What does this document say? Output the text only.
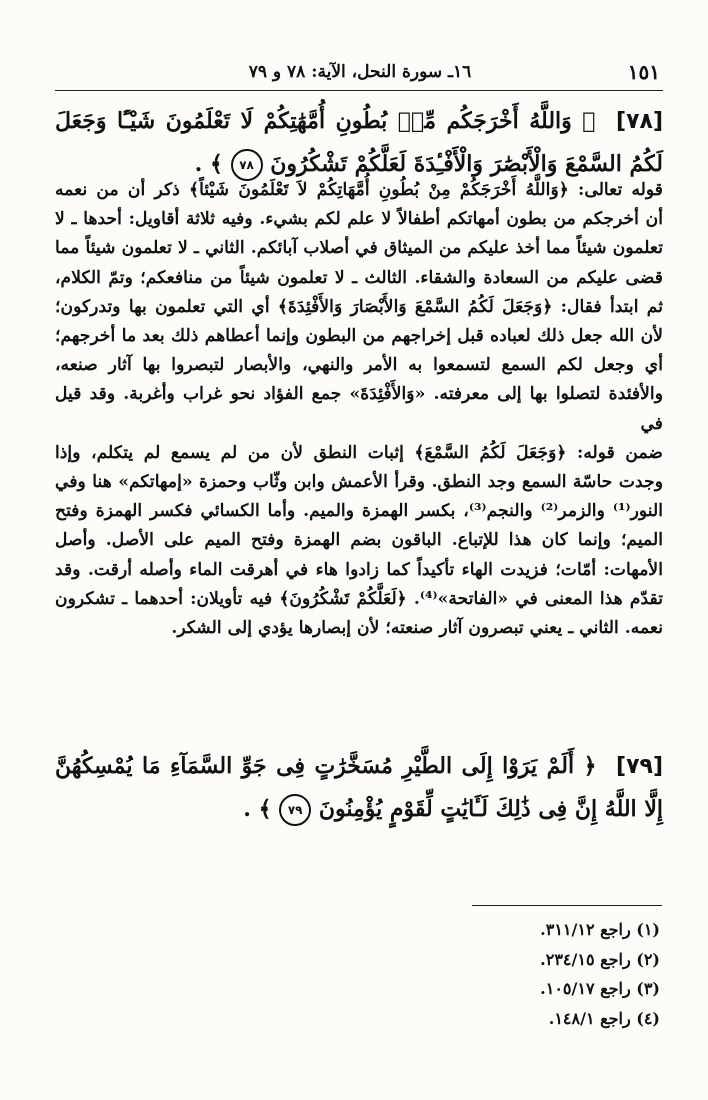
١٥١
١٦ـ سورة النحل، الآية: ٧٨ و ٧٩
[٧٨] ﴿ وَاللَّهُ أَخْرَجَكُم مِّنۢ بُطُونِ أُمَّهَٰتِكُمْ لَا تَعْلَمُونَ شَيْـًٔا وَجَعَلَ لَكُمُ السَّمْعَ وَالْأَبْصَٰرَ وَالْأَفْـِٔدَةَ لَعَلَّكُمْ تَشْكُرُونَ ٧٨ ﴾ .

قوله تعالى: ﴿وَاللَّهُ أَخْرَجَكُمْ مِنْ بُطُونِ أُمَّهَاتِكُمْ لاَ تَعْلَمُونَ شَيْئاً﴾ ذكر أن من نعمه

أن أخرجكم من بطون أمهاتكم أطفالاً لا علم لكم بشيء. وفيه ثلاثة أقاويل: أحدها ـ لا

تعلمون شيئاً مما أخذ عليكم من الميثاق في أصلاب آبائكم. الثاني ـ لا تعلمون شيئاً مما

قضى عليكم من السعادة والشقاء. الثالث ـ لا تعلمون شيئاً من منافعكم؛ وتمّ الكلام،

ثم ابتدأ فقال: ﴿وَجَعَلَ لَكُمُ السَّمْعَ وَالأَبْصَارَ وَالأَفْئِدَةَ﴾ أي التي تعلمون بها وتدركون؛

لأن الله جعل ذلك لعباده قبل إخراجهم من البطون وإنما أعطاهم ذلك بعد ما أخرجهم؛

أي وجعل لكم السمع لتسمعوا به الأمر والنهي، والأبصار لتبصروا بها آثار صنعه،

والأفئدة لتصلوا بها إلى معرفته. «وَالأَفْئِدَةَ» جمع الفؤاد نحو غراب وأغربة. وقد قيل في

ضمن قوله: ﴿وَجَعَلَ لَكُمُ السَّمْعَ﴾ إثبات النطق لأن من لم يسمع لم يتكلم، وإذا

وجدت حاسّة السمع وجد النطق. وقرأ الأعمش وابن وثّاب وحمزة «إمهاتكم» هنا وفي

النور⁽¹⁾ والزمر⁽²⁾ والنجم⁽³⁾، بكسر الهمزة والميم. وأما الكسائي فكسر الهمزة وفتح

الميم؛ وإنما كان هذا للإتباع. الباقون بضم الهمزة وفتح الميم على الأصل. وأصل

الأمهات: أمّات؛ فزيدت الهاء تأكيداً كما زادوا هاء في أهرقت الماء وأصله أرقت. وقد

تقدّم هذا المعنى في «الفاتحة»⁽⁴⁾. ﴿لَعَلَّكُمْ تَشْكُرُونَ﴾ فيه تأويلان: أحدهما ـ تشكرون

نعمه. الثاني ـ يعني تبصرون آثار صنعته؛ لأن إبصارها يؤدي إلى الشكر.

[٧٩] ﴿ أَلَمْ يَرَوْا إِلَى الطَّيْرِ مُسَخَّرَٰتٍ فِى جَوِّ السَّمَآءِ مَا يُمْسِكُهُنَّ إِلَّا اللَّهُ إِنَّ فِى ذَٰلِكَ لَـَٔايَٰتٍ لِّقَوْمٍ يُؤْمِنُونَ ٧٩ ﴾ .
(١) راجع ٣١١/١٢.
(٢) راجع ٢٣٤/١٥.
(٣) راجع ١٠٥/١٧.
(٤) راجع ١٤٨/١.
